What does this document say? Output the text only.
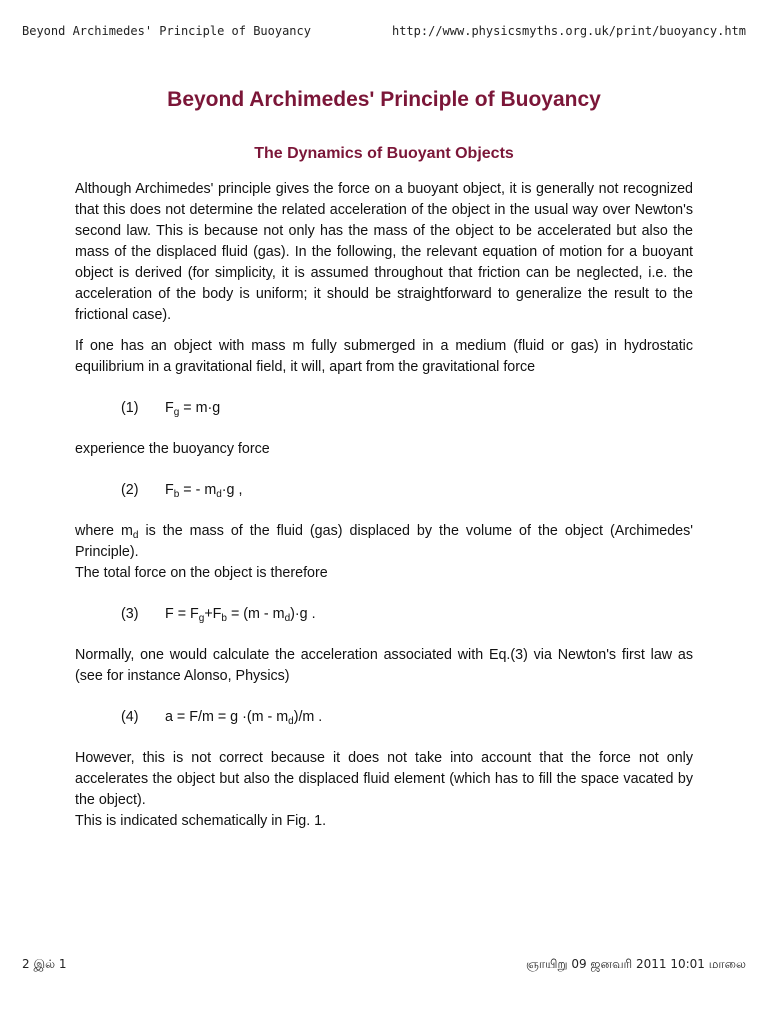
Beyond Archimedes' Principle of Buoyancy	http://www.physicsmyths.org.uk/print/buoyancy.htm
Beyond Archimedes' Principle of Buoyancy
The Dynamics of Buoyant Objects

Although Archimedes' principle gives the force on a buoyant object, it is generally not recognized that this does not determine the related acceleration of the object in the usual way over Newton's second law. This is because not only has the mass of the object to be accelerated but also the mass of the displaced fluid (gas). In the following, the relevant equation of motion for a buoyant object is derived (for simplicity, it is assumed throughout that friction can be neglected, i.e. the acceleration of the body is uniform; it should be straightforward to generalize the result to the frictional case).

If one has an object with mass m fully submerged in a medium (fluid or gas) in hydrostatic equilibrium in a gravitational field, it will, apart from the gravitational force

(1) $F_g = m\cdot g$

experience the buoyancy force

(2) $F_b$ = - $m_d\cdot g$ ,

where $m_d$ is the mass of the fluid (gas) displaced by the volume of the object (Archimedes' Principle).

The total force on the object is therefore

(3) $F = F_g+F_b = (m - m_d)\cdot g$ .

Normally, one would calculate the acceleration associated with Eq.(3) via Newton's first law as (see for instance Alonso, Physics)

(4) $a = F/m = g \cdot(m - m_d)/m$ .

However, this is not correct because it does not take into account that the force not only accelerates the object but also the displaced fluid element (which has to fill the space vacated by the object).

This is indicated schematically in Fig. 1.

2 இல் 1	ஞாயிறு 09 ஜனவரி 2011 10:01 மாலை
